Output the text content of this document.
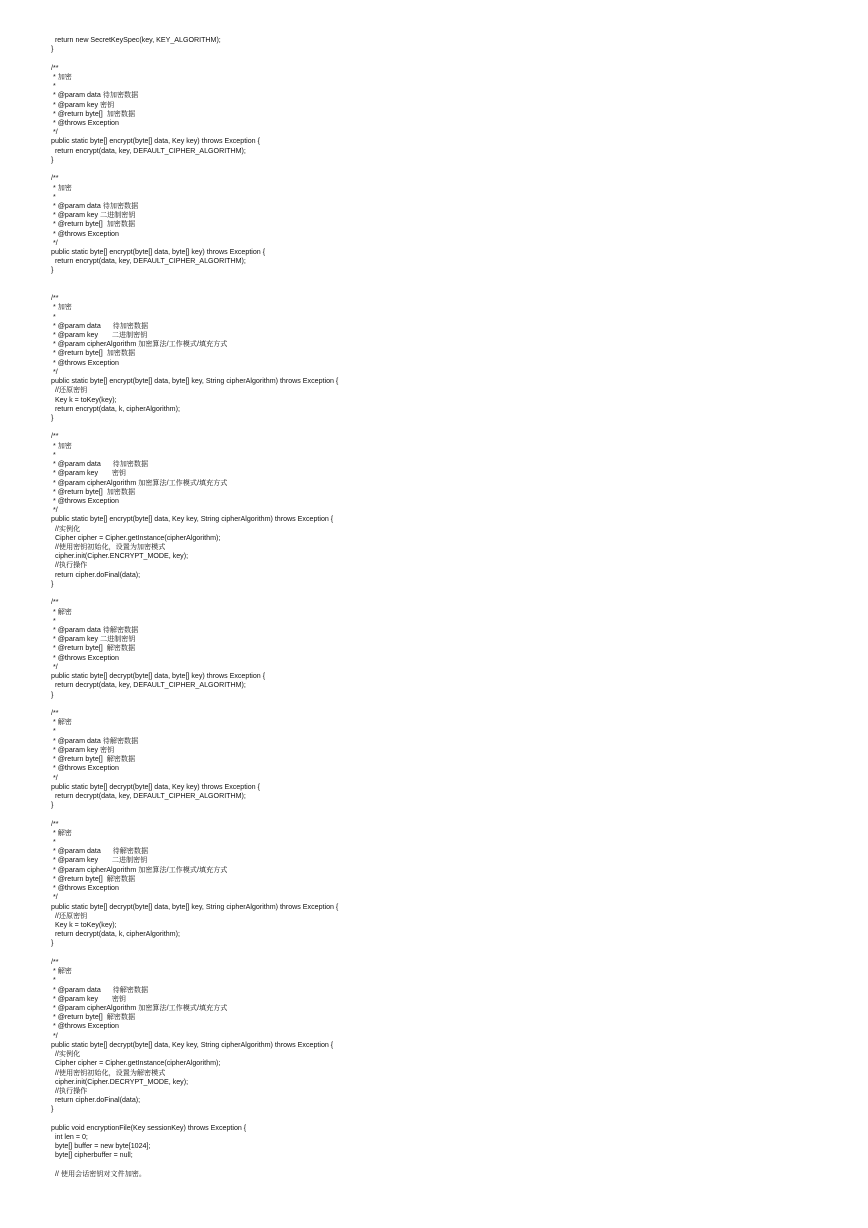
return new SecretKeySpec(key, KEY_ALGORITHM);
}
/**
* 加密
*
* @param data 待加密数据
* @param key 密钥
* @return byte[]  加密数据
* @throws Exception
*/
public static byte[] encrypt(byte[] data, Key key) throws Exception {
return encrypt(data, key, DEFAULT_CIPHER_ALGORITHM);
}
/**
* 加密
*
* @param data 待加密数据
* @param key 二进制密钥
* @return byte[]  加密数据
* @throws Exception
*/
public static byte[] encrypt(byte[] data, byte[] key) throws Exception {
return encrypt(data, key, DEFAULT_CIPHER_ALGORITHM);
}
/**
* 加密
*
* @param data      待加密数据
* @param key       二进制密钥
* @param cipherAlgorithm 加密算法/工作模式/填充方式
* @return byte[]  加密数据
* @throws Exception
*/
public static byte[] encrypt(byte[] data, byte[] key, String cipherAlgorithm) throws Exception {
//还原密钥
Key k = toKey(key);
return encrypt(data, k, cipherAlgorithm);
}
/**
* 加密
*
* @param data      待加密数据
* @param key       密钥
* @param cipherAlgorithm 加密算法/工作模式/填充方式
* @return byte[]  加密数据
* @throws Exception
*/
public static byte[] encrypt(byte[] data, Key key, String cipherAlgorithm) throws Exception {
//实例化
Cipher cipher = Cipher.getInstance(cipherAlgorithm);
//使用密钥初始化，设置为加密模式
cipher.init(Cipher.ENCRYPT_MODE, key);
//执行操作
return cipher.doFinal(data);
}
/**
* 解密
*
* @param data 待解密数据
* @param key 二进制密钥
* @return byte[]  解密数据
* @throws Exception
*/
public static byte[] decrypt(byte[] data, byte[] key) throws Exception {
return decrypt(data, key, DEFAULT_CIPHER_ALGORITHM);
}
/**
* 解密
*
* @param data 待解密数据
* @param key 密钥
* @return byte[]  解密数据
* @throws Exception
*/
public static byte[] decrypt(byte[] data, Key key) throws Exception {
return decrypt(data, key, DEFAULT_CIPHER_ALGORITHM);
}
/**
* 解密
*
* @param data      待解密数据
* @param key       二进制密钥
* @param cipherAlgorithm 加密算法/工作模式/填充方式
* @return byte[]  解密数据
* @throws Exception
*/
public static byte[] decrypt(byte[] data, byte[] key, String cipherAlgorithm) throws Exception {
//还原密钥
Key k = toKey(key);
return decrypt(data, k, cipherAlgorithm);
}
/**
* 解密
*
* @param data      待解密数据
* @param key       密钥
* @param cipherAlgorithm 加密算法/工作模式/填充方式
* @return byte[]  解密数据
* @throws Exception
*/
public static byte[] decrypt(byte[] data, Key key, String cipherAlgorithm) throws Exception {
//实例化
Cipher cipher = Cipher.getInstance(cipherAlgorithm);
//使用密钥初始化，设置为解密模式
cipher.init(Cipher.DECRYPT_MODE, key);
//执行操作
return cipher.doFinal(data);
}
public void encryptionFile(Key sessionKey) throws Exception {
int len = 0;
byte[] buffer = new byte[1024];
byte[] cipherbuffer = null;
// 使用会话密钥对文件加密。
